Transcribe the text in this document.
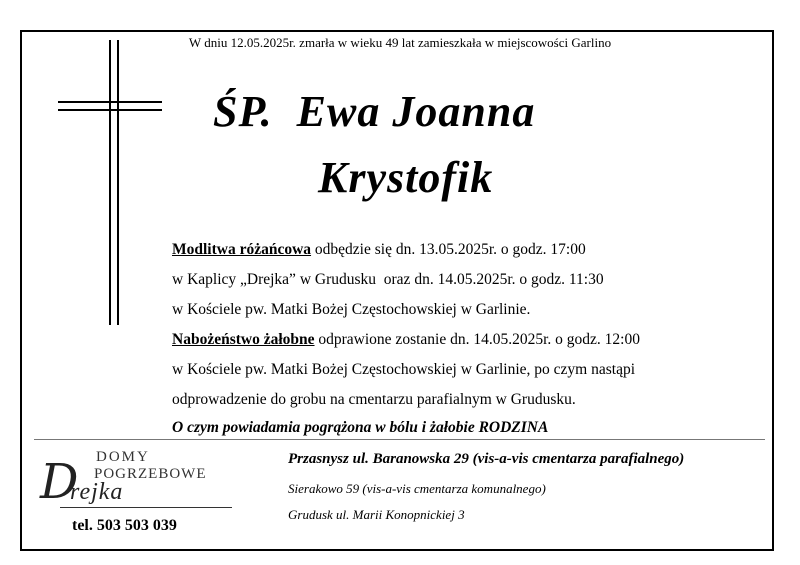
W dniu 12.05.2025r. zmarła w wieku 49 lat zamieszkała w miejscowości Garlino
ŚP.  Ewa Joanna
Krystofik
Modlitwa różańcowa odbędzie się dn. 13.05.2025r. o godz. 17:00
w Kaplicy „Drejka” w Grudusku  oraz dn. 14.05.2025r. o godz. 11:30
w Kościele pw. Matki Bożej Częstochowskiej w Garlinie.
Nabożeństwo żałobne odprawione zostanie dn. 14.05.2025r. o godz. 12:00
w Kościele pw. Matki Bożej Częstochowskiej w Garlinie, po czym nastąpi
odprowadzenie do grobu na cmentarzu parafialnym w Grudusku.
O czym powiadamia pogrążona w bólu i żałobie RODZINA
DOMY
POGRZEBOWE
D
rejka
tel. 503 503 039
Przasnysz ul. Baranowska 29 (vis-a-vis cmentarza parafialnego)
Sierakowo 59 (vis-a-vis cmentarza komunalnego)
Grudusk ul. Marii Konopnickiej 3
